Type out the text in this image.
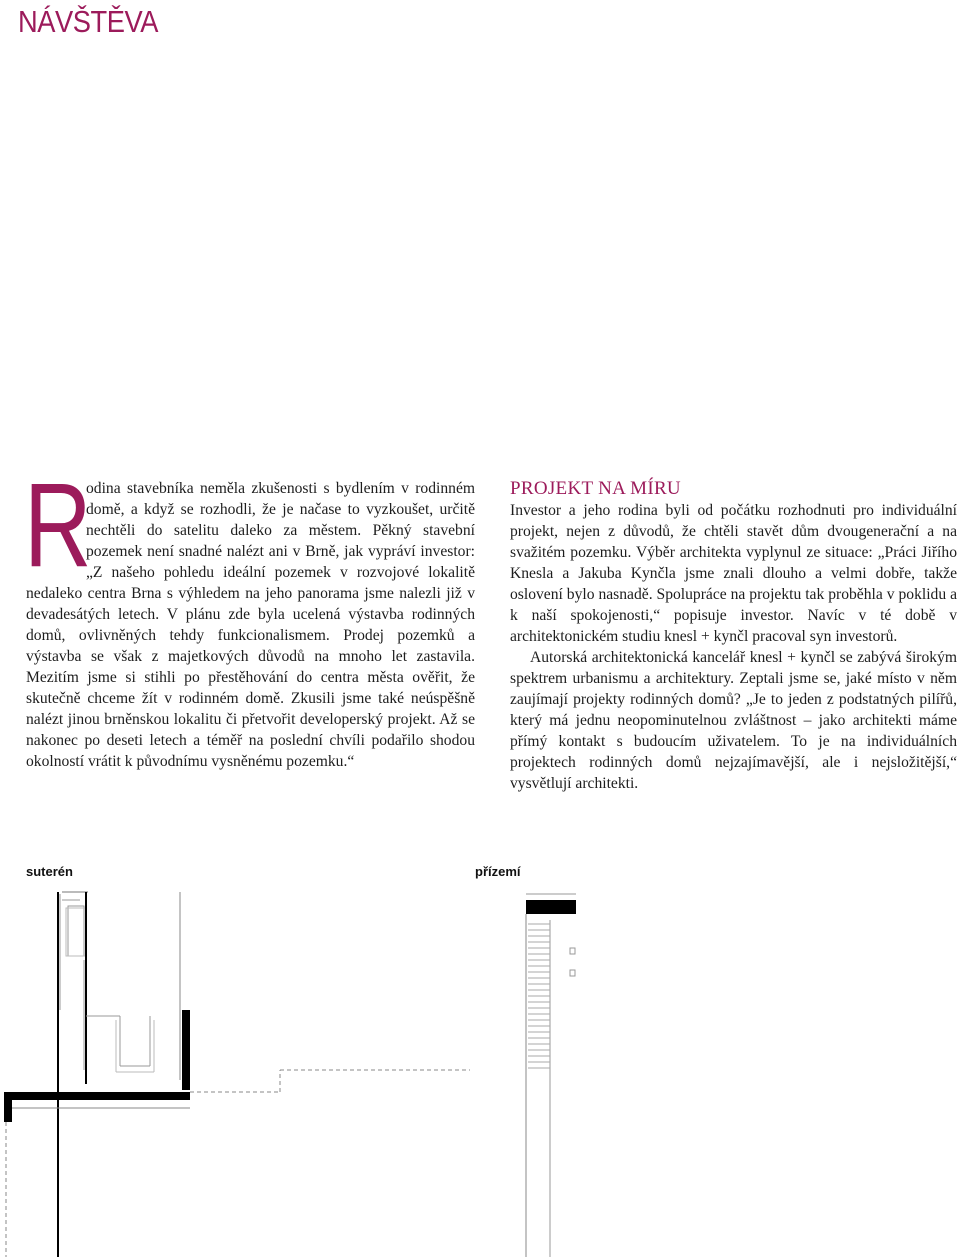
NÁVŠTĚVA
R

odina stavebníka neměla zkušenosti s bydlením v rodinném domě, a když se rozhodli, že je načase to vyzkoušet, určitě nechtěli do satelitu daleko za městem. Pěkný stavební pozemek není snadné nalézt ani v Brně, jak vypráví investor: „Z našeho pohledu ideální pozemek v rozvojové lokalitě nedaleko centra Brna s výhledem na jeho panorama jsme nalezli již v devadesátých letech. V plánu zde byla ucelená výstavba rodinných domů, ovlivněných tehdy funkcionalismem. Prodej pozemků a výstavba se však z majetkových důvodů na mnoho let zastavila. Mezitím jsme si stihli po přestěhování do centra města ověřit, že skutečně chceme žít v rodinném domě. Zkusili jsme také neúspěšně nalézt jinou brněnskou lokalitu či přetvořit developerský projekt. Až se nakonec po deseti letech a téměř na poslední chvíli podařilo shodou okolností vrátit k původnímu vysněnému pozemku.“

PROJEKT NA MÍRU

Investor a jeho rodina byli od počátku rozhodnuti pro individuální projekt, nejen z důvodů, že chtěli stavět dům dvougenerační a na svažitém pozemku. Výběr architekta vyplynul ze situace: „Práci Jiřího Knesla a Jakuba Kynčla jsme znali dlouho a velmi dobře, takže oslovení bylo nasnadě. Spolupráce na projektu tak proběhla v poklidu a k naší spokojenosti,“ popisuje investor. Navíc v té době v architektonickém studiu knesl + kynčl pracoval syn investorů.

Autorská architektonická kancelář knesl + kynčl se zabývá širokým spektrem urbanismu a architektury. Zeptali jsme se, jaké místo v něm zaujímají projekty rodinných domů? „Je to jeden z podstatných pilířů, který má jednu neopominutelnou zvláštnost – jako architekti máme přímý kontakt s budoucím uživatelem. To je na individuálních projektech rodinných domů nejzajímavější, ale i nejsložitější,“ vysvětlují architekti.

suterén	přízemí
